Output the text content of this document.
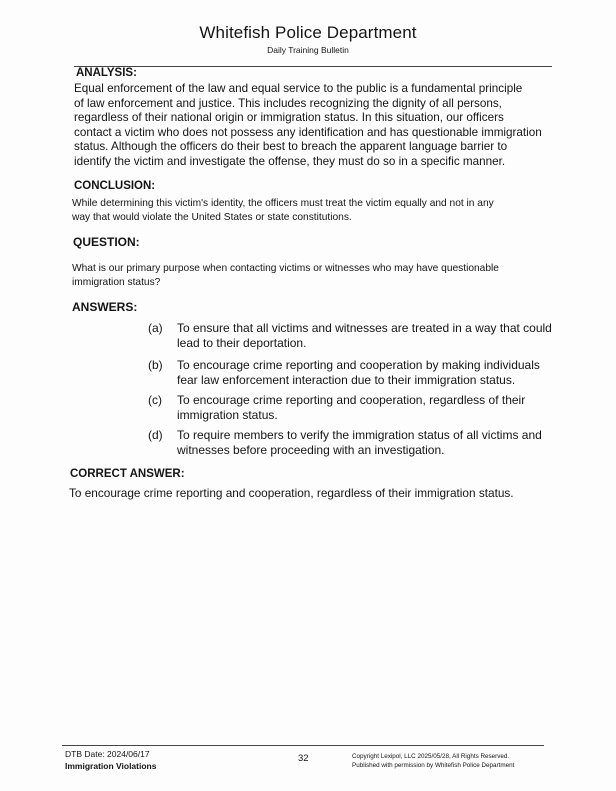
Whitefish Police Department
Daily Training Bulletin
ANALYSIS:
Equal enforcement of the law and equal service to the public is a fundamental principle
of law enforcement and justice. This includes recognizing the dignity of all persons,
regardless of their national origin or immigration status. In this situation, our officers
contact a victim who does not possess any identification and has questionable immigration
status. Although the officers do their best to breach the apparent language barrier to
identify the victim and investigate the offense, they must do so in a specific manner.
CONCLUSION:
While determining this victim's identity, the officers must treat the victim equally and not in any
way that would violate the United States or state constitutions.
QUESTION:
What is our primary purpose when contacting victims or witnesses who may have questionable
immigration status?
ANSWERS:
(a) To ensure that all victims and witnesses are treated in a way that could
lead to their deportation.
(b) To encourage crime reporting and cooperation by making individuals
fear law enforcement interaction due to their immigration status.
(c) To encourage crime reporting and cooperation, regardless of their
immigration status.
(d) To require members to verify the immigration status of all victims and
witnesses before proceeding with an investigation.
CORRECT ANSWER:
To encourage crime reporting and cooperation, regardless of their immigration status.
DTB Date: 2024/06/17
Immigration Violations
32	Copyright Lexipol, LLC 2025/05/28, All Rights Reserved.
Published with permission by Whitefish Police Department
